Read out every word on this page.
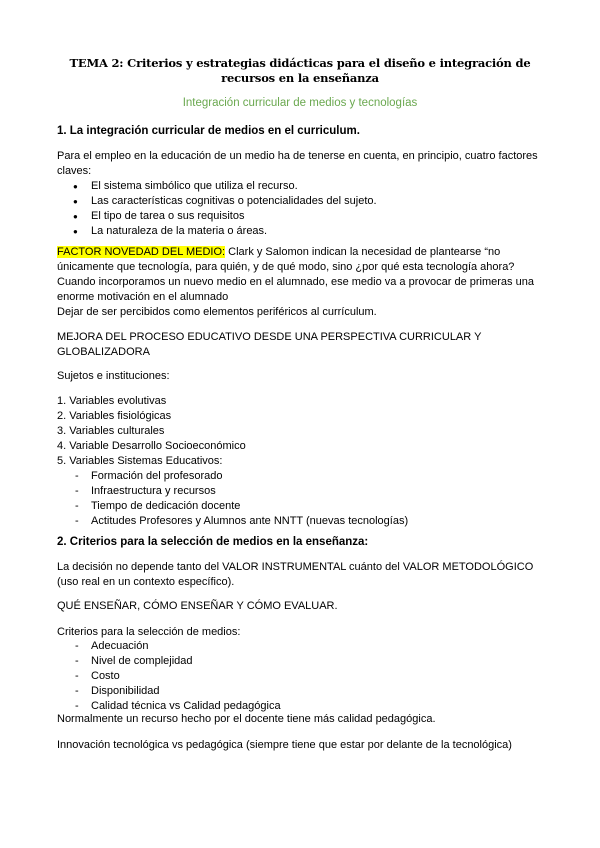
TEMA 2: Criterios y estrategias didácticas para el diseño e integración de recursos en la enseñanza
Integración curricular de medios y tecnologías
1. La integración curricular de medios en el curriculum.
Para el empleo en la educación de un medio ha de tenerse en cuenta, en principio, cuatro factores
claves:
● El sistema simbólico que utiliza el recurso.
● Las características cognitivas o potencialidades del sujeto.
● El tipo de tarea o sus requisitos
● La naturaleza de la materia o áreas.
FACTOR NOVEDAD DEL MEDIO: Clark y Salomon indican la necesidad de plantearse “no
únicamente que tecnología, para quién, y de qué modo, sino ¿por qué esta tecnología ahora?
Cuando incorporamos un nuevo medio en el alumnado, ese medio va a provocar de primeras una
enorme motivación en el alumnado
Dejar de ser percibidos como elementos periféricos al currículum.
MEJORA DEL PROCESO EDUCATIVO DESDE UNA PERSPECTIVA CURRICULAR Y
GLOBALIZADORA
Sujetos e instituciones:
1. Variables evolutivas
2. Variables fisiológicas
3. Variables culturales
4. Variable Desarrollo Socioeconómico
5. Variables Sistemas Educativos:
- Formación del profesorado
- Infraestructura y recursos
- Tiempo de dedicación docente
- Actitudes Profesores y Alumnos ante NNTT (nuevas tecnologías)
2. Criterios para la selección de medios en la enseñanza:
La decisión no depende tanto del VALOR INSTRUMENTAL cuánto del VALOR METODOLÓGICO
(uso real en un contexto específico).
QUÉ ENSEÑAR, CÓMO ENSEÑAR Y CÓMO EVALUAR.
Criterios para la selección de medios:
- Adecuación
- Nivel de complejidad
- Costo
- Disponibilidad
- Calidad técnica vs Calidad pedagógica
Normalmente un recurso hecho por el docente tiene más calidad pedagógica.
Innovación tecnológica vs pedagógica (siempre tiene que estar por delante de la tecnológica)
